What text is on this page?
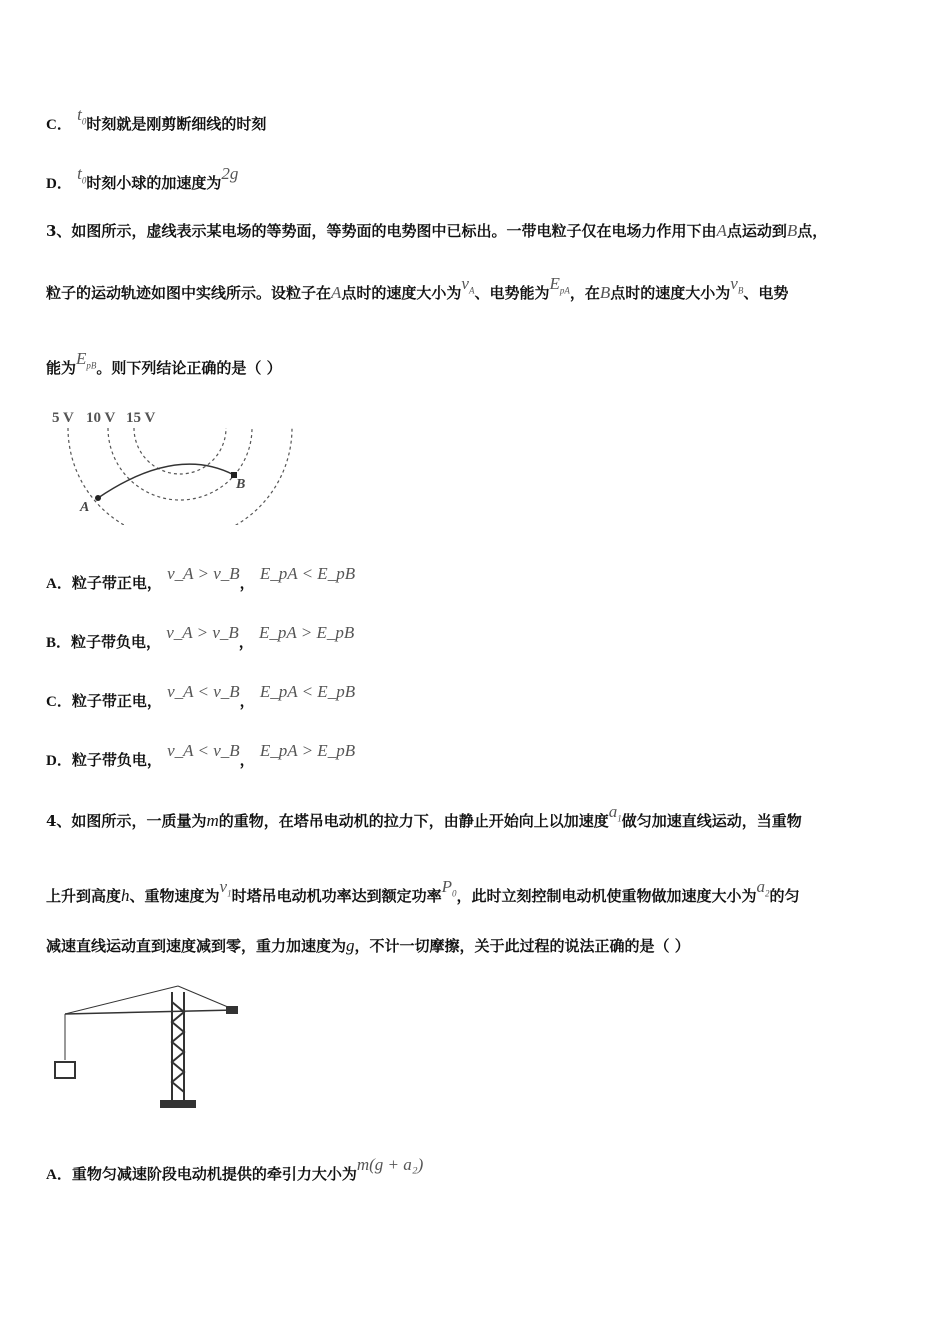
C． $t_0$时刻就是刚剪断细线的时刻
D． $t_0$时刻小球的加速度为2g
3、如图所示，虚线表示某电场的等势面，等势面的电势图中已标出。一带电粒子仅在电场力作用下由A点运动到B点，
粒子的运动轨迹如图中实线所示。设粒子在A点时的速度大小为$v_A$、电势能为$E_{pA}$，在B点时的速度大小为$v_B$、电势
能为$E_{pB}$。则下列结论正确的是（ ）
5 V 10 V 15 V
A
B
A．粒子带正电， v_A > v_B， E_pA < E_pB
B．粒子带负电， v_A > v_B， E_pA > E_pB
C．粒子带正电， v_A < v_B， E_pA < E_pB
D．粒子带负电， v_A < v_B， E_pA > E_pB
4、如图所示，一质量为m的重物，在塔吊电动机的拉力下，由静止开始向上以加速度$a_1$做匀加速直线运动，当重物
上升到高度h、重物速度为$v_1$时塔吊电动机功率达到额定功率$P_0$，此时立刻控制电动机使重物做加速度大小为$a_2$的匀
减速直线运动直到速度减到零，重力加速度为g，不计一切摩擦，关于此过程的说法正确的是（ ）
A．重物匀减速阶段电动机提供的牵引力大小为m(g + a₂)
